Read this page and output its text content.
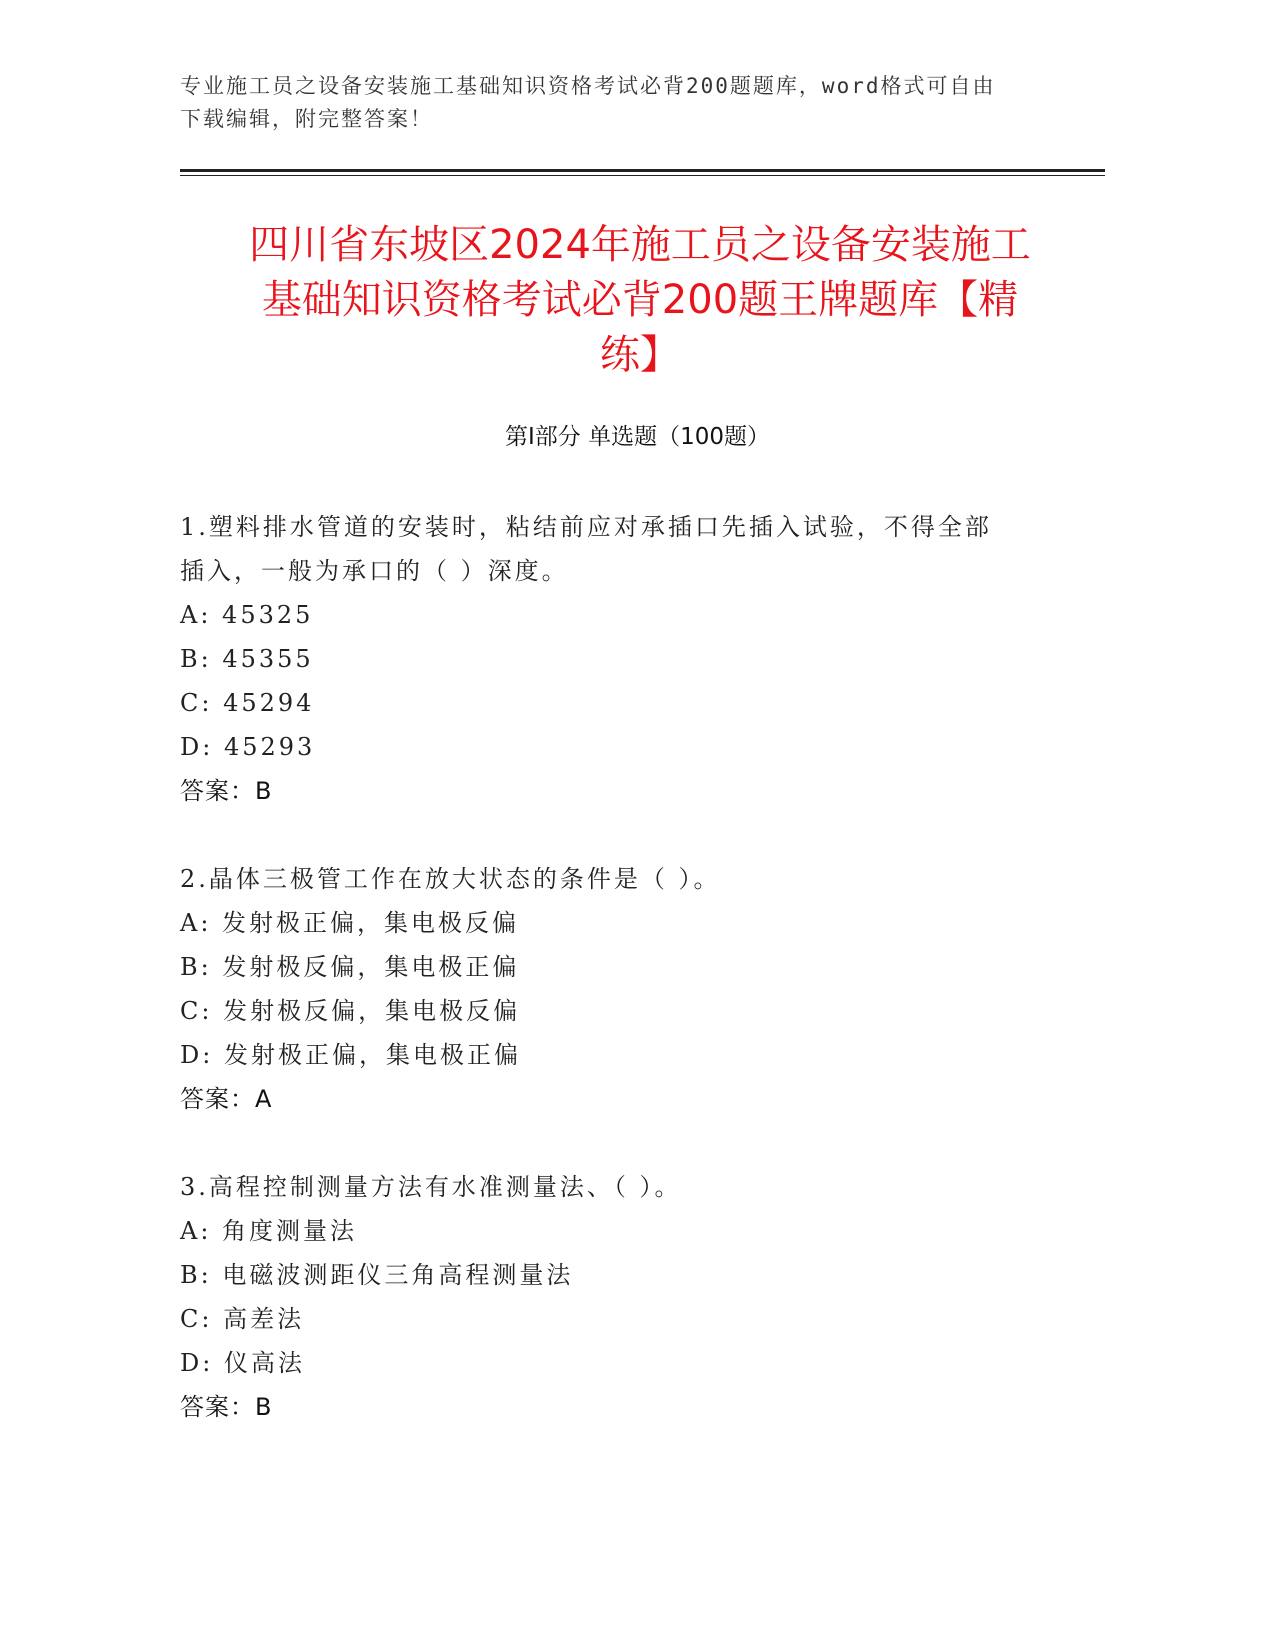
专业施工员之设备安装施工基础知识资格考试必背200题题库，word格式可自由
下载编辑，附完整答案！
四川省东坡区2024年施工员之设备安装施工
基础知识资格考试必背200题王牌题库【精
练】
第Ⅰ部分 单选题（100题）
1.塑料排水管道的安装时，粘结前应对承插口先插入试验，不得全部
插入，一般为承口的（ ）深度。
A: 45325
B: 45355
C: 45294
D: 45293
答案：B
2.晶体三极管工作在放大状态的条件是（ ）。
A: 发射极正偏，集电极反偏
B: 发射极反偏，集电极正偏
C: 发射极反偏，集电极反偏
D: 发射极正偏，集电极正偏
答案：A
3.高程控制测量方法有水准测量法、（ ）。
A: 角度测量法
B: 电磁波测距仪三角高程测量法
C: 高差法
D: 仪高法
答案：B
